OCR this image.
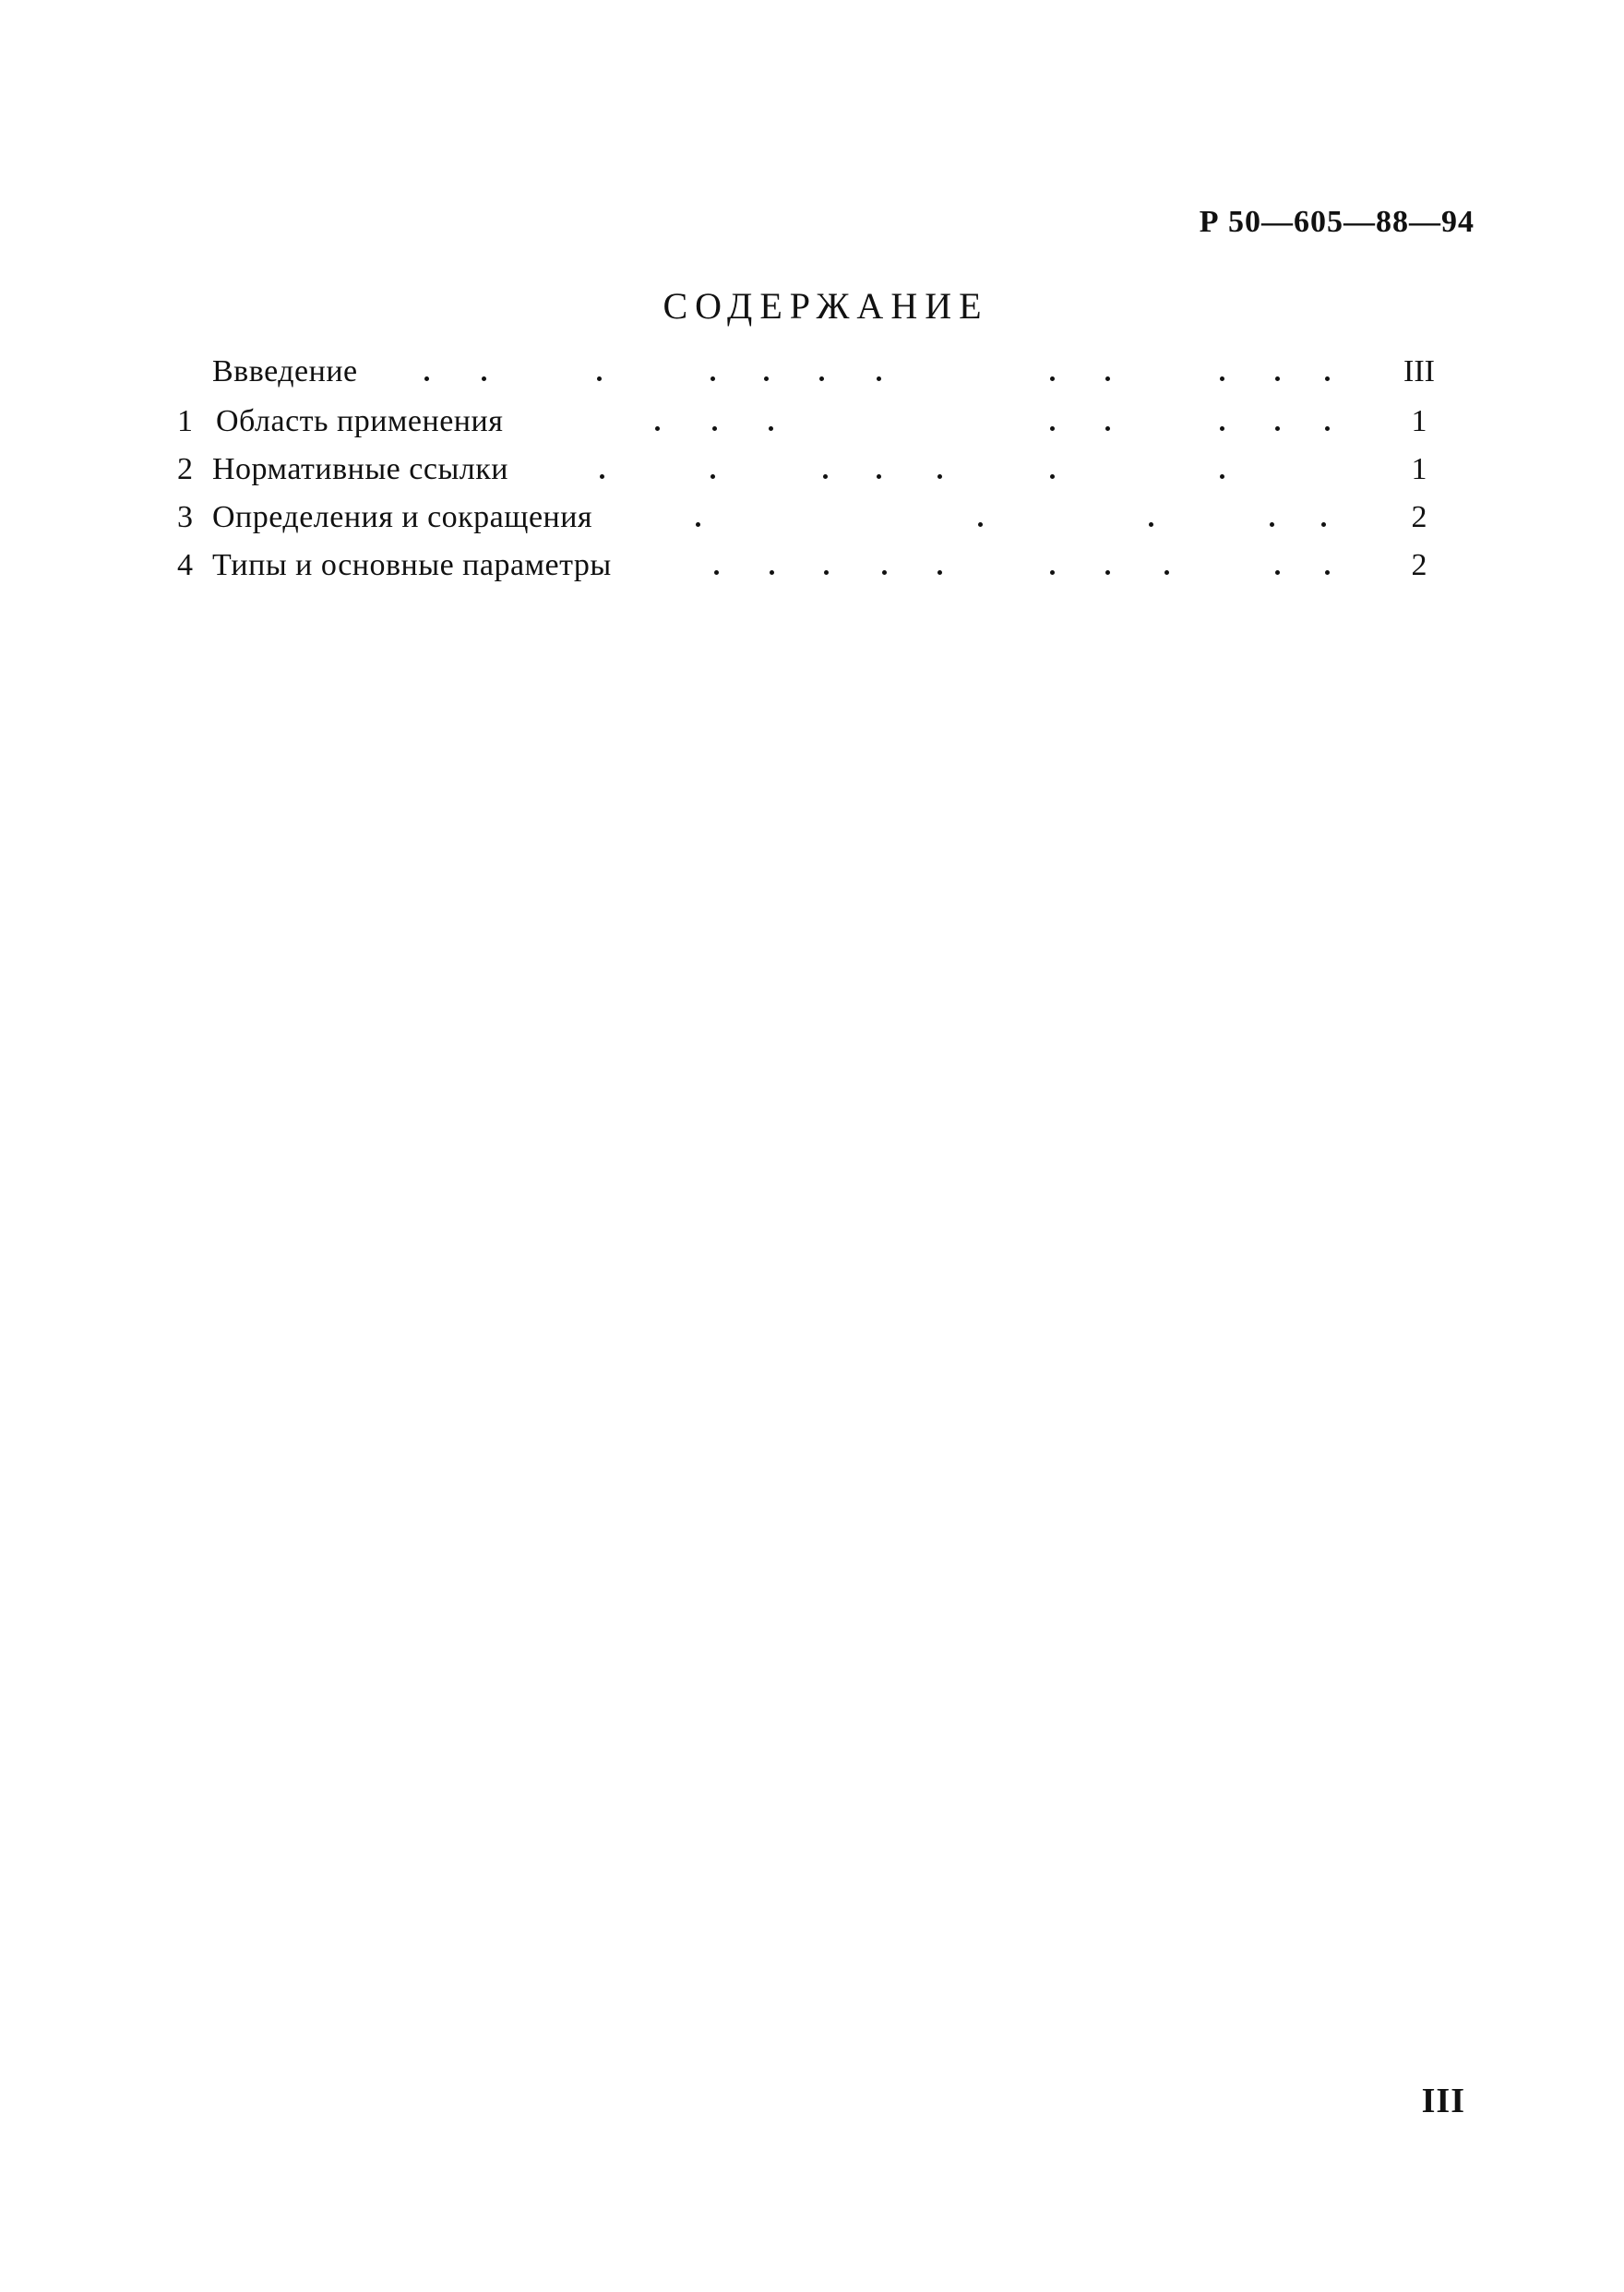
Р 50—605—88—94
СОДЕРЖАНИЕ
Ввведение	III
1 Область применения	1
2 Нормативные ссылки	1
3 Определения и сокращения	2
4 Типы и основные параметры	2
III
